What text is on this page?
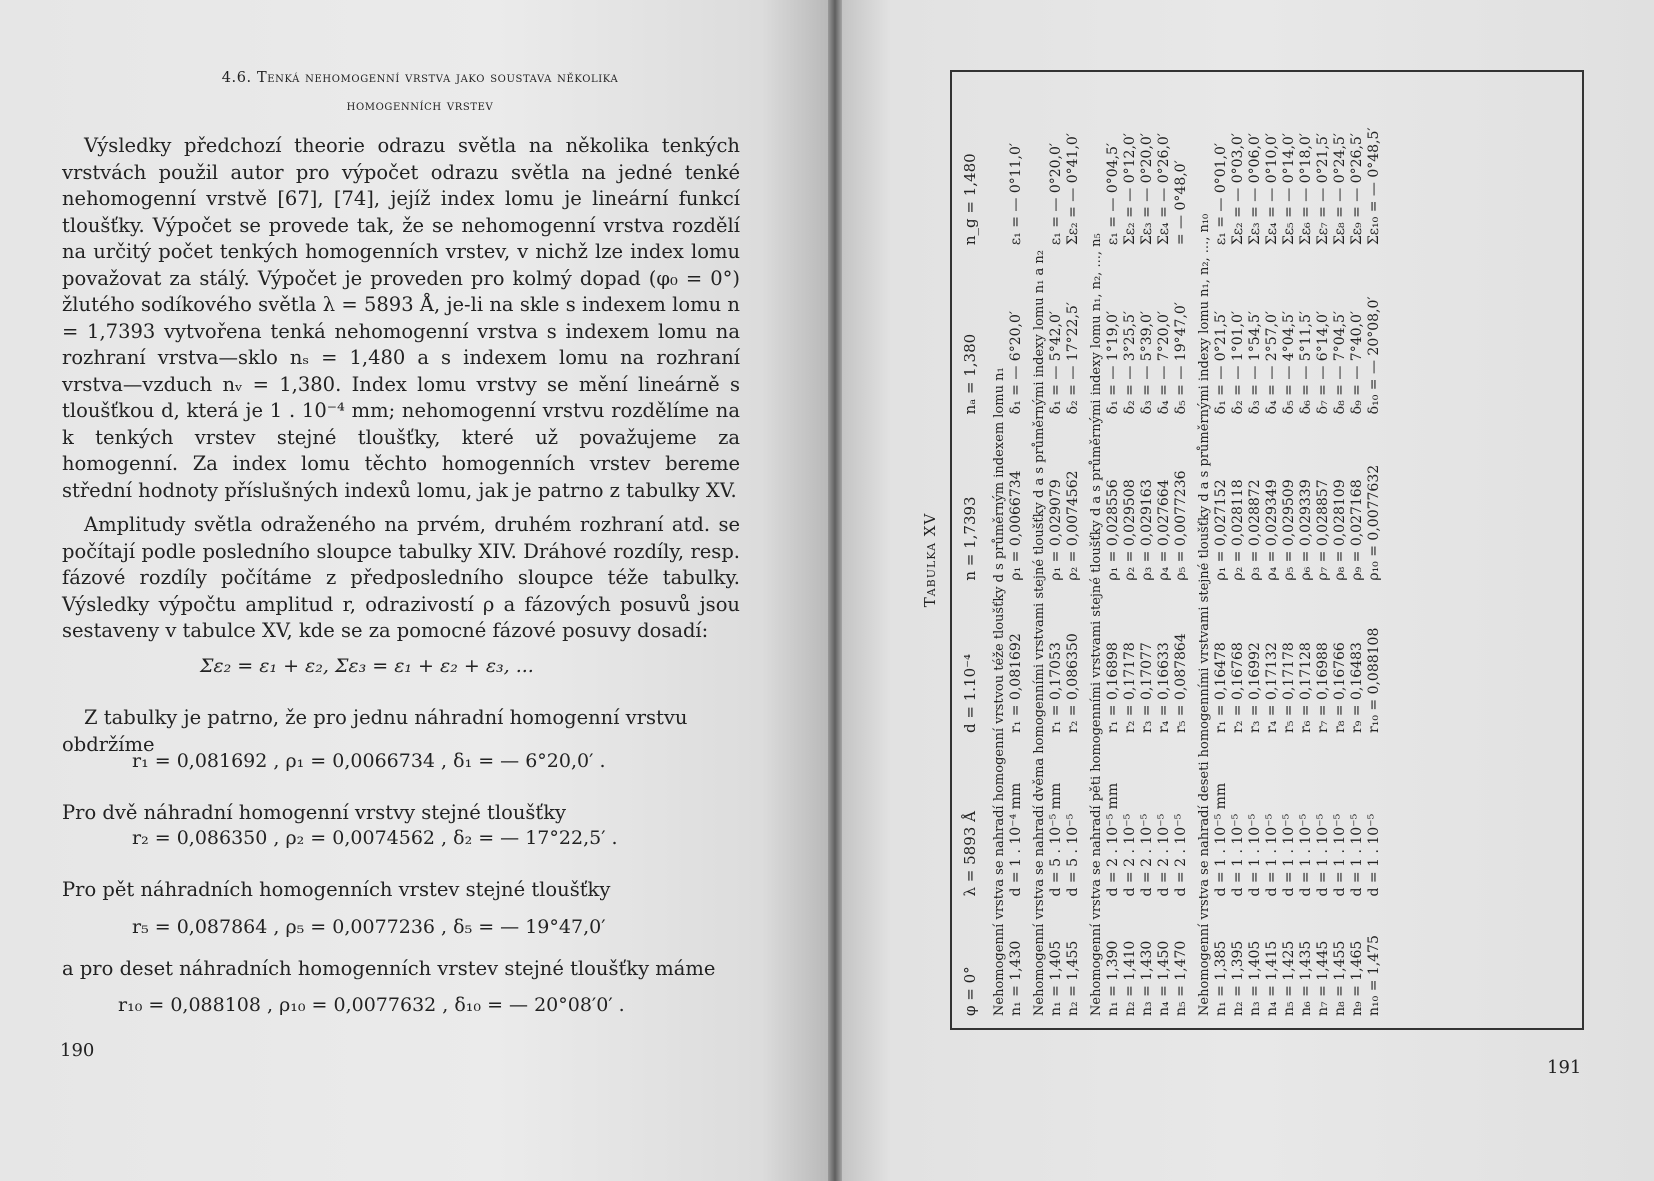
4.6. Tenká nehomogenní vrstva jako soustava několika
homogenních vrstev
Výsledky předchozí theorie odrazu světla na několika tenkých vrstvách použil autor pro výpočet odrazu světla na jedné tenké nehomogenní vrstvě [67], [74], jejíž index lomu je lineární funkcí tloušťky. Výpočet se provede tak, že se nehomogenní vrstva rozdělí na určitý počet tenkých homogenních vrstev, v nichž lze index lomu považovat za stálý. Výpočet je proveden pro kolmý dopad (φ₀ = 0°) žlutého sodíkového světla λ = 5893 Å, je-li na skle s indexem lomu n = 1,7393 vytvořena tenká nehomogenní vrstva s indexem lomu na rozhraní vrstva—sklo nₛ = 1,480 a s indexem lomu na rozhraní vrstva—vzduch nᵥ = 1,380. Index lomu vrstvy se mění lineárně s tloušťkou d, která je 1 . 10⁻⁴ mm; nehomogenní vrstvu rozdělíme na k tenkých vrstev stejné tloušťky, které už považujeme za homogenní. Za index lomu těchto homogenních vrstev bereme střední hodnoty příslušných indexů lomu, jak je patrno z tabulky XV.
Amplitudy světla odraženého na prvém, druhém rozhraní atd. se počítají podle posledního sloupce tabulky XIV. Dráhové rozdíly, resp. fázové rozdíly počítáme z předposledního sloupce téže tabulky. Výsledky výpočtu amplitud r, odrazivostí ρ a fázových posuvů jsou sestaveny v tabulce XV, kde se za pomocné fázové posuvy dosadí:
Σε₂ = ε₁ + ε₂, Σε₃ = ε₁ + ε₂ + ε₃, ...
Z tabulky je patrno, že pro jednu náhradní homogenní vrstvu obdržíme
r₁ = 0,081692 , ρ₁ = 0,0066734 , δ₁ = — 6°20,0′ .
Pro dvě náhradní homogenní vrstvy stejné tloušťky
r₂ = 0,086350 , ρ₂ = 0,0074562 , δ₂ = — 17°22,5′ .
Pro pět náhradních homogenních vrstev stejné tloušťky
r₅ = 0,087864 , ρ₅ = 0,0077236 , δ₅ = — 19°47,0′
a pro deset náhradních homogenních vrstev stejné tloušťky máme
r₁₀ = 0,088108 , ρ₁₀ = 0,0077632 , δ₁₀ = — 20°08′0′ .
190
191
Tabulka XV
φ = 0°	λ = 5893 Å	d = 1.10⁻⁴	n = 1,7393	nₐ = 1,380	n_g = 1,480
Nehomogenní vrstva se nahradí homogenní vrstvou téže tloušťky d s průměrným indexem lomu n₁					
n₁ = 1,430	d = 1 . 10⁻⁴ mm	r₁ = 0,081692	ρ₁ = 0,0066734	δ₁ = — 6°20,0′	ε₁ = — 0°11,0′
Nehomogenní vrstva se nahradí dvěma homogenními vrstvami stejné tloušťky d a s průměrnými indexy lomu n₁ a n₂					
n₁ = 1,405	d = 5 . 10⁻⁵ mm	r₁ = 0,17053	ρ₁ = 0,029079	δ₁ = — 5°42,0′	ε₁ = — 0°20,0′
n₂ = 1,455	d = 5 . 10⁻⁵	r₂ = 0,086350	ρ₂ = 0,0074562	δ₂ = — 17°22,5′	Σε₂ = — 0°41,0′
Nehomogenní vrstva se nahradí pěti homogenními vrstvami stejné tloušťky d a s průměrnými indexy lomu n₁, n₂, ..., n₅					
n₁ = 1,390	d = 2 . 10⁻⁵ mm	r₁ = 0,16898	ρ₁ = 0,028556	δ₁ = — 1°19,0′	ε₁ = — 0°04,5′
n₂ = 1,410	d = 2 . 10⁻⁵	r₂ = 0,17178	ρ₂ = 0,029508	δ₂ = — 3°25,5′	Σε₂ = — 0°12,0′
n₃ = 1,430	d = 2 . 10⁻⁵	r₃ = 0,17077	ρ₃ = 0,029163	δ₃ = — 5°39,0′	Σε₃ = — 0°20,0′
n₄ = 1,450	d = 2 . 10⁻⁵	r₄ = 0,16633	ρ₄ = 0,027664	δ₄ = — 7°20,0′	Σε₄ = — 0°26,0′
n₅ = 1,470	d = 2 . 10⁻⁵	r₅ = 0,087864	ρ₅ = 0,0077236	δ₅ = — 19°47,0′	= — 0°48,0′
Nehomogenní vrstva se nahradí deseti homogenními vrstvami stejné tloušťky d a s průměrnými indexy lomu n₁, n₂, ..., n₁₀					
n₁ = 1,385	d = 1 . 10⁻⁵ mm	r₁ = 0,16478	ρ₁ = 0,027152	δ₁ = — 0°21,5′	ε₁ = — 0°01,0′
n₂ = 1,395	d = 1 . 10⁻⁵	r₂ = 0,16768	ρ₂ = 0,028118	δ₂ = — 1°01,0′	Σε₂ = — 0°03,0′
n₃ = 1,405	d = 1 . 10⁻⁵	r₃ = 0,16992	ρ₃ = 0,028872	δ₃ = — 1°54,5′	Σε₃ = — 0°06,0′
n₄ = 1,415	d = 1 . 10⁻⁵	r₄ = 0,17132	ρ₄ = 0,029349	δ₄ = — 2°57,0′	Σε₄ = — 0°10,0′
n₅ = 1,425	d = 1 . 10⁻⁵	r₅ = 0,17178	ρ₅ = 0,029509	δ₅ = — 4°04,5′	Σε₅ = — 0°14,0′
n₆ = 1,435	d = 1 . 10⁻⁵	r₆ = 0,17128	ρ₆ = 0,029339	δ₆ = — 5°11,5′	Σε₆ = — 0°18,0′
n₇ = 1,445	d = 1 . 10⁻⁵	r₇ = 0,16988	ρ₇ = 0,028857	δ₇ = — 6°14,0′	Σε₇ = — 0°21,5′
n₈ = 1,455	d = 1 . 10⁻⁵	r₈ = 0,16766	ρ₈ = 0,028109	δ₈ = — 7°04,5′	Σε₈ = — 0°24,5′
n₉ = 1,465	d = 1 . 10⁻⁵	r₉ = 0,16483	ρ₉ = 0,027168	δ₉ = — 7°40,0′	Σε₉ = — 0°26,5′
n₁₀ = 1,475	d = 1 . 10⁻⁵	r₁₀ = 0,088108	ρ₁₀ = 0,0077632	δ₁₀ = — 20°08,0′	Σε₁₀ = — 0°48,5′
